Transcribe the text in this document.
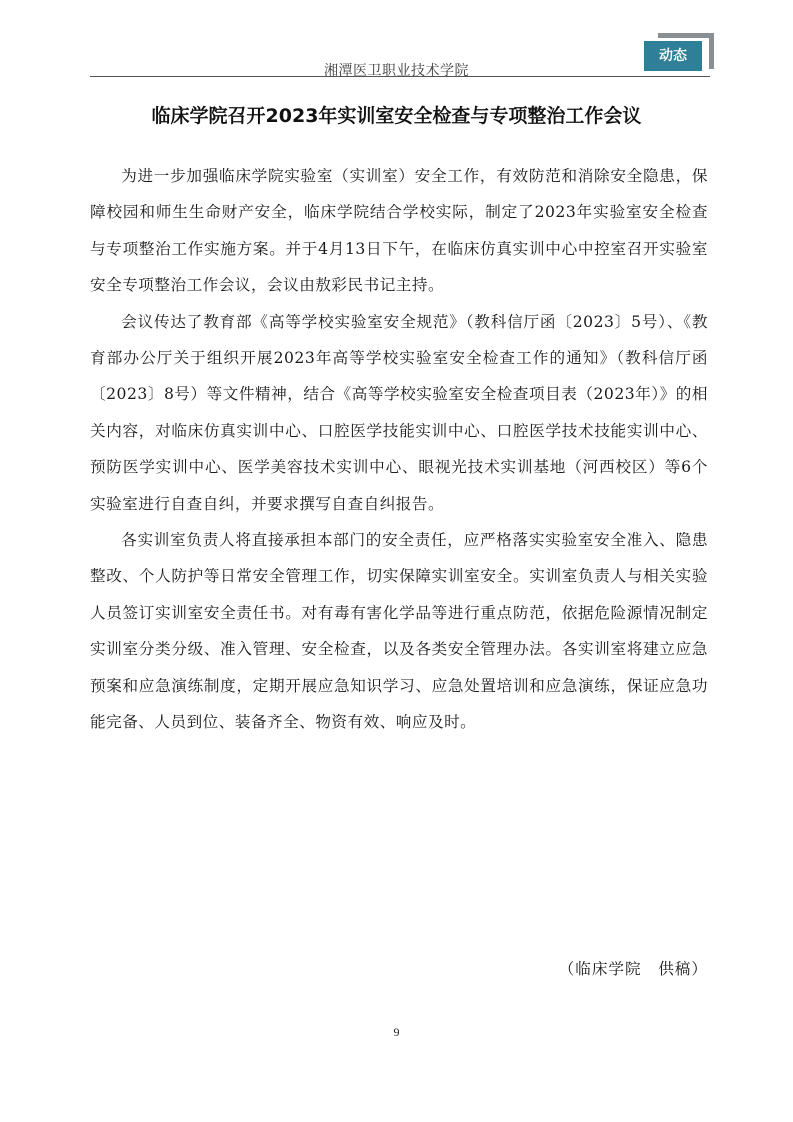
湘潭医卫职业技术学院
动态
临床学院召开2023年实训室安全检查与专项整治工作会议

为进一步加强临床学院实验室（实训室）安全工作，有效防范和消除安全隐患，保障校园和师生生命财产安全，临床学院结合学校实际，制定了2023年实验室安全检查与专项整治工作实施方案。并于4月13日下午，在临床仿真实训中心中控室召开实验室安全专项整治工作会议，会议由敖彩民书记主持。

会议传达了教育部《高等学校实验室安全规范》（教科信厅函〔2023〕5号）、《教育部办公厅关于组织开展2023年高等学校实验室安全检查工作的通知》（教科信厅函〔2023〕8号）等文件精神，结合《高等学校实验室安全检查项目表（2023年）》的相关内容，对临床仿真实训中心、口腔医学技能实训中心、口腔医学技术技能实训中心、预防医学实训中心、医学美容技术实训中心、眼视光技术实训基地（河西校区）等6个实验室进行自查自纠，并要求撰写自查自纠报告。

各实训室负责人将直接承担本部门的安全责任，应严格落实实验室安全准入、隐患整改、个人防护等日常安全管理工作，切实保障实训室安全。实训室负责人与相关实验人员签订实训室安全责任书。对有毒有害化学品等进行重点防范，依据危险源情况制定实训室分类分级、准入管理、安全检查，以及各类安全管理办法。各实训室将建立应急预案和应急演练制度，定期开展应急知识学习、应急处置培训和应急演练，保证应急功能完备、人员到位、装备齐全、物资有效、响应及时。

（临床学院　供稿）
9
